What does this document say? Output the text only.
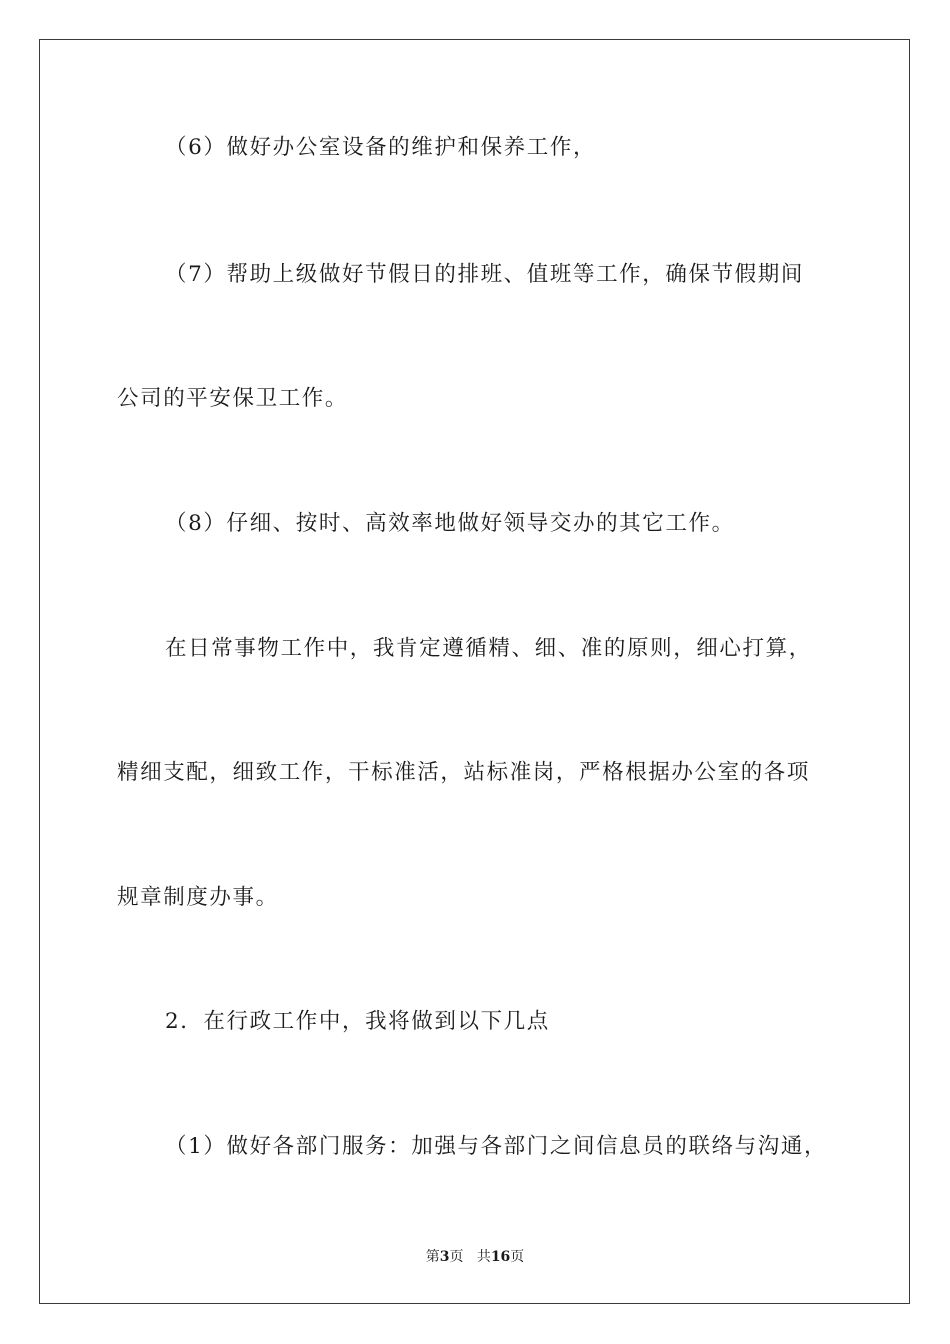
（6）做好办公室设备的维护和保养工作，
（7）帮助上级做好节假日的排班、值班等工作，确保节假期间
公司的平安保卫工作。
（8）仔细、按时、高效率地做好领导交办的其它工作。
在日常事物工作中，我肯定遵循精、细、准的原则，细心打算，
精细支配，细致工作，干标准活，站标准岗，严格根据办公室的各项
规章制度办事。
2．在行政工作中，我将做到以下几点
（1）做好各部门服务：加强与各部门之间信息员的联络与沟通，
第3页 共16页
